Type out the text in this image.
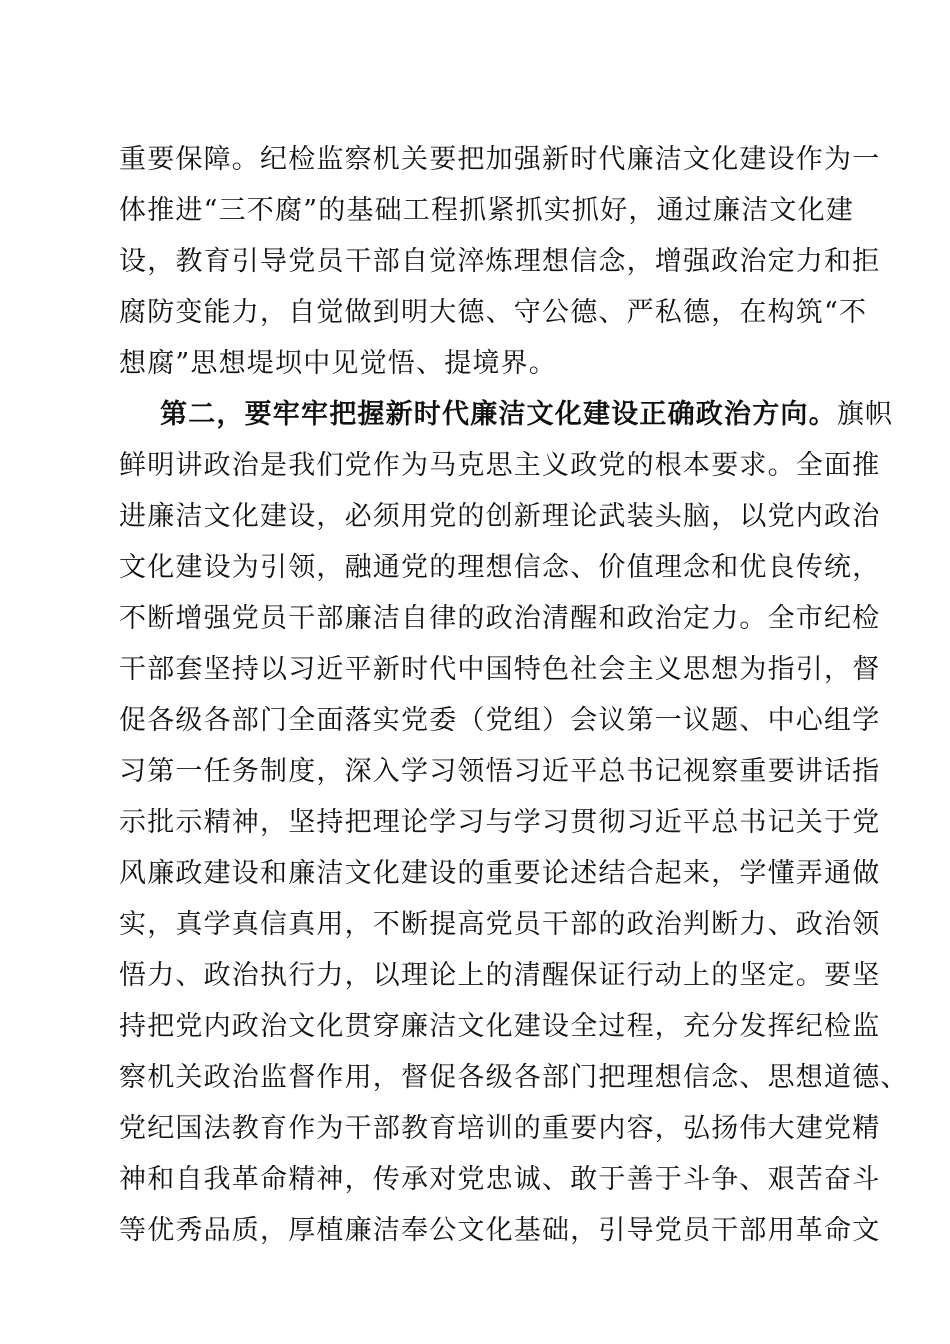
重要保障。纪检监察机关要把加强新时代廉洁文化建设作为一
体推进“三不腐”的基础工程抓紧抓实抓好，通过廉洁文化建
设，教育引导党员干部自觉淬炼理想信念，增强政治定力和拒
腐防变能力，自觉做到明大德、守公德、严私德，在构筑“不
想腐”思想堤坝中见觉悟、提境界。
第二，要牢牢把握新时代廉洁文化建设正确政治方向。旗帜
鲜明讲政治是我们党作为马克思主义政党的根本要求。全面推
进廉洁文化建设，必须用党的创新理论武装头脑，以党内政治
文化建设为引领，融通党的理想信念、价值理念和优良传统，
不断增强党员干部廉洁自律的政治清醒和政治定力。全市纪检
干部套坚持以习近平新时代中国特色社会主义思想为指引，督
促各级各部门全面落实党委（党组）会议第一议题、中心组学
习第一任务制度，深入学习领悟习近平总书记视察重要讲话指
示批示精神，坚持把理论学习与学习贯彻习近平总书记关于党
风廉政建设和廉洁文化建设的重要论述结合起来，学懂弄通做
实，真学真信真用，不断提高党员干部的政治判断力、政治领
悟力、政治执行力，以理论上的清醒保证行动上的坚定。要坚
持把党内政治文化贯穿廉洁文化建设全过程，充分发挥纪检监
察机关政治监督作用，督促各级各部门把理想信念、思想道德、
党纪国法教育作为干部教育培训的重要内容，弘扬伟大建党精
神和自我革命精神，传承对党忠诚、敢于善于斗争、艰苦奋斗
等优秀品质，厚植廉洁奉公文化基础，引导党员干部用革命文
